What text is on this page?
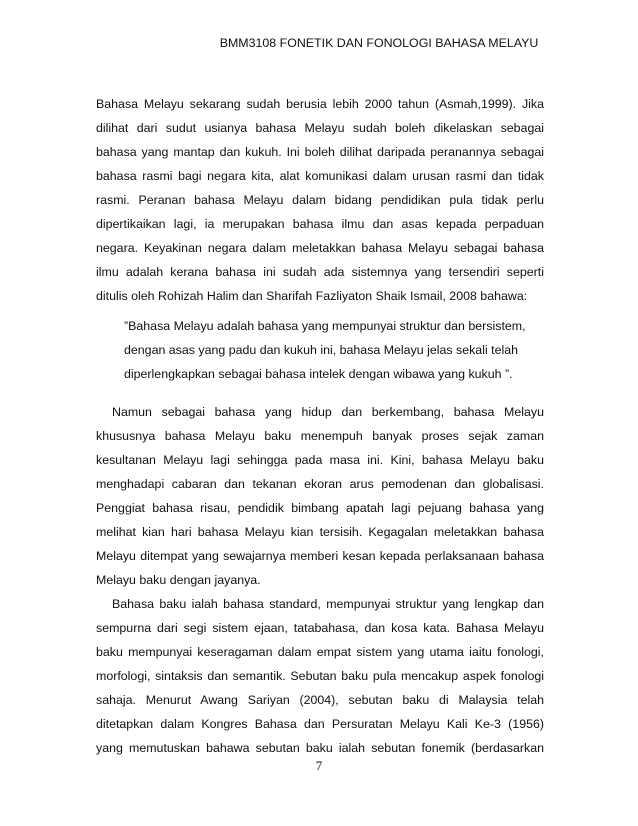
BMM3108 FONETIK DAN FONOLOGI BAHASA MELAYU
Bahasa Melayu sekarang sudah berusia lebih 2000 tahun (Asmah,1999). Jika
dilihat dari sudut usianya bahasa Melayu sudah boleh dikelaskan sebagai
bahasa yang mantap dan kukuh. Ini boleh dilihat daripada peranannya sebagai
bahasa rasmi bagi negara kita, alat komunikasi dalam urusan rasmi dan tidak
rasmi. Peranan bahasa Melayu dalam bidang pendidikan pula tidak perlu
dipertikaikan lagi, ia merupakan bahasa ilmu dan asas kepada perpaduan
negara. Keyakinan negara dalam meletakkan bahasa Melayu sebagai bahasa
ilmu adalah kerana bahasa ini sudah ada sistemnya yang tersendiri seperti
ditulis oleh Rohizah Halim dan Sharifah Fazliyaton Shaik Ismail, 2008 bahawa:
”Bahasa Melayu adalah bahasa yang mempunyai struktur dan bersistem,
dengan asas yang padu dan kukuh ini, bahasa Melayu jelas sekali telah
diperlengkapkan sebagai bahasa intelek dengan wibawa yang kukuh ”.
Namun sebagai bahasa yang hidup dan berkembang, bahasa Melayu
khususnya bahasa Melayu baku menempuh banyak proses sejak zaman
kesultanan Melayu lagi sehingga pada masa ini. Kini, bahasa Melayu baku
menghadapi cabaran dan tekanan ekoran arus pemodenan dan globalisasi.
Penggiat bahasa risau, pendidik bimbang apatah lagi pejuang bahasa yang
melihat kian hari bahasa Melayu kian tersisih. Kegagalan meletakkan bahasa
Melayu ditempat yang sewajarnya memberi kesan kepada perlaksanaan bahasa
Melayu baku dengan jayanya.
Bahasa baku ialah bahasa standard, mempunyai struktur yang lengkap dan
sempurna dari segi sistem ejaan, tatabahasa, dan kosa kata. Bahasa Melayu
baku mempunyai keseragaman dalam empat sistem yang utama iaitu fonologi,
morfologi, sintaksis dan semantik. Sebutan baku pula mencakup aspek fonologi
sahaja. Menurut Awang Sariyan (2004), sebutan baku di Malaysia telah
ditetapkan dalam Kongres Bahasa dan Persuratan Melayu Kali Ke-3 (1956)
yang memutuskan bahawa sebutan baku ialah sebutan fonemik (berdasarkan
7
